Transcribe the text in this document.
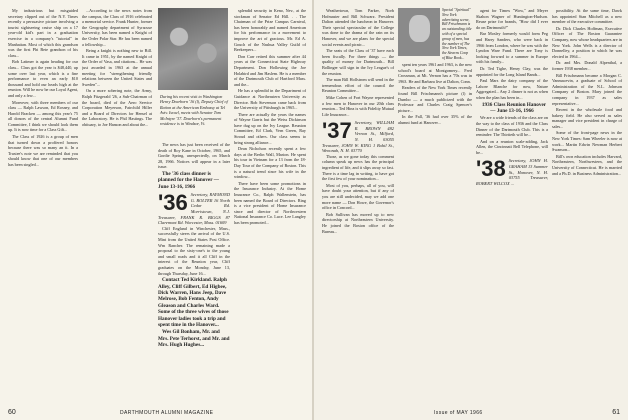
My industrious but misguided secretary clipped out of the N.Y. Times recently a persuasive picture involving a tourist sightseeing cruise ship on a 17 year-old kid's part in a graduation exercise in a company's "tutorial" in Manhattan. Most of which this grandson was the first Phi Bete grandson of his class...

Bob Latimer is again heading for our class... Class got the year is $48,440, up some over last year, which is a fine performance to even an early $10 thousand and hold our heads high at the reunion. Will he now be our Loyal Agent, and only a few...

Moreover, with three members of our class — Ralph Lawson, Ed Rosney, and Harold Bracken — among this year's 75 all donors of the central Alumni Fund Committee, I think we should look them up. It is now time for a Class Gift...

The Class of 1926 is a group of men that turned down a proffered honors because there was so many an it. In a Trustee's note we are reminded that you should know that one of our members has been singled...

...According to the news notes from the campus, the Class of 1916 celebrated a memorial service. Frank Hunter, former the Geography department of Syracuse University, has been named a Knight of the Order Polar Star. He has been named a fellowship...

Being a knight is nothing new to Bill. It came in 1951, by the named Knight of the Order of Vasa, and citations... He was just awarded in 1963 at the annual meeting for "strengthening friendly relations between the United States and Sweden"...

On a more sobering note, the Army, Ralph Fitzgerald '26, a Sub-Chairman of the board, died of the Aero Service Corporation Meyerson, Fairchild Hiller and a Board of Directors for Hensel at the Laboratory. He is Phil Hastings. The obituary, to Joe Hanson and about the...

During his recent visit to Washington Henry Dearborn '16 (l), Deputy Chief of Ration at the American Embassy at Tel Aviv. Israel, meets with Senator Tom McIntyre '37. Dearborn's permanent residence is in Windsor, Vt.

The news has just been received of the death of Roy Kane in October, 1965, and Gordie Spring, unexpectedly, on March 28, 1966. Notices will appear in a later issue.

The '36 class dinner is planned for the Hanover — June 13-16, 1966

'36 Secretary, RAYMOND G. BOLTER 16 North Cedar Rd. Morristown, N.J. Treasurer, FRANK R. BIGGS 87 Claremont Rd. Worcester, Mass. 01609

Cliff England in Winchester, Mass., successfully steers the arrival of the U.S. Mint from the United States Post Office. Wm Rancher. The remaining made a proposal to the sixty-one's to the young and small roads and it all Cliff in the interest of the Reunion year, Cliff graduates on the Monday, June 13, through Thursday, June 16...

Contact Ted Kirkland. Ralph Alley, Cliff Gilbert, Ed Higbee, Dick Warren, Hans Jeep, Dave Melrose, Bob Fenton, Andy Gleason and Charles Ward. Some of the three wives of those Hanover ladies took a trip and spent time in the Hanover...

Wes Gil Bonham, Mr. and Mrs. Pete Terhorst, and Mr. and Mrs. Hugh Hughes...

splendid security in Keno, Nev., at the stockman of Senator Ed Hill. . . The Chairman of the Prize Campus Carnival, has been honorably and named American for his performance in a movement to improve the art of gracious. Mr. Ed A. Gouch of the Nashua Valley Guild of Beekeepers...

Don Carr retired this summer after 44 years at the Connecticut State Highway Department. Don Hollowing the Joe Holabird and Jim Haslem. He is a member of the Dartmouth Club of Hartford Mass. and the...

He has a splendid in the Department of Guidance at Northeastern University as Director. Bob Stevenson came back from the University of Pittsburgh in 1965...

There are actually the years the names of Wayne Garris but the Weiss Dickinson have dug up on the Ivy League. Reunion Committee, Ed Clark, Vern Green, Ray Stroud and others. Our class seems to bring strong alliance...

Dean Nicholson recently spent a few days at the Berlin Wall, Marion. He spent his tour in Vietnam for a 13 from the 18-Day Tour of the Company of Boston. This is a natural trend since his wife in the window...

There have been some promotions in the Insurance Industry. At the Home Insurance Co., Ralph Wallenstein, has been named the Board of Directors. Ring is a vice president of Home Insurance since and director of Northwestern National Insurance Co. Luce. Lee Langley has been promoted...

60	DARTHMOUTH ALUMNI MAGAZINE

Weathertown, Tom Parker, Norb Hofmaster and Bill Schwarz. President Dalton attended the luncheon in Hanover. Their special spectacular of the College was done to the drama of the rain on its Hanover, and we are plans for the special social events and picnic...

The seats of the Class of '37 have each been fiscally. For three things — the quality of money for Dartmouth... Bill Bollinger will sign in the Ivy League's of the reunion.

The man Bill Hollstrom will send in the tremendous effort of the council the Reunion Committee...

Mike Cohen of Fort Wayne represented a few men to Hanover in our 20th class reunion... Ted Hinz is with Fidelity Mutual Life Insurance...

'37 Secretary, WILLIAM R. BROWN 482 Vernon St., Milford, N. H. 03055 Treasurer, JOHN W. KING 1 Bohil St., Wenonah, N. H. 03770

Those, as we gone today this comment column speak up news has the principal ingredient of life, and it slips away so fast. There is a time lag in writing, to have got the first few of your nomination...

Most of you, perhaps, all of you, will have doubt your attention, but if any of you are still undecided, may we add one more name — Don Howe, the Governor's office in Concord...

Bob Sullivan has moved up to new directorship at Northeastern University. He joined the Boston office of the Bureau...

Special "Spiritual" New York advertising scene, Bill Frischmann is an outstanding title with of a special group of men, has the number of The New York Times, the Stearns Coop of Blue Book...

spent ten years 1961 and 1963, is the new school's board at Montgomery... Fred Crossman, at Mt. Vernon has a '70s was in 1963. He and Barbara live at Dalton, Conn.

Readers of the New York Times recently found Bill Frischmann's picture (l) in Dumbo — a much publicized with the Professor and Charles Craig Spencer's picture...

In the Fall, '36 had over 35% of the alumni fund at Hanover...

agent for Timex "Wow," and Meyer Skahon Wagner of Huntington-Hudson. Reuse prize for brands, "How did I ever do on Dartmouth?"

Bar Mosley formerly would form Peg and Harry Sanders, who were back in 1966 from London, where he was with the Lyndon Ware Fund. There are Tony is looking forward to a summer in Europe with his family...

Dr. Ted Tighe, Henry Clay, was the appointed for the Long Island Bands...

Paul Mars the dairy company of the Lahore Blanche for now, Nature Aggregated... Any 2 dinner is not as when when the plan has been in...

1936 Class Reunion Hanover — June 13-16, 1966

We are a wide friends of the class are on the way to the class of 1936 and the Class Dinner of the Dartmouth Club. This is a reminder: The Thirtieth will be...

And on a reunion scale-adding, Jack Allen, the Cincinnati Bell Telephone, will be...

'38 Secretary, JOHN H. GRAHAM 13 Summer St., Hanover, N. H. 03755 Treasurer, ROBERT WILCOX ...

possibility. At the same time, Dawk has appointed Stan Mitchell as a new member of the executive committee.

Dr. Dick Charles Hoffman, Executive Officer of The Boston Guarantee Company, now whose headquarters are in New York. John Wells is a director of Donnelley, a position to which he was elected in 1964...

Dr. and Mrs. Donald Alpenthal, a former 1938 member...

Bill Frischmann became a Morgan C. Vanmacevin, a graduate of School of Administration of the N.L. Johnson Company of Boston. Mary joined the company in 1937 as sales representative...

Recent in the wholesale food and bakery field. He also served as sales manager and vice president in charge of sales...

Some of the front-page news in the New York Times: Sam Wheeler is now at work... Martin Edwin Newman Herbert Swanson...

Bill's own education includes Harvard, Northeastern, Northwestern, and the University of Connecticut. He is married and a Ph.D. in Business Administration...

Issue of MAY 1966	61
